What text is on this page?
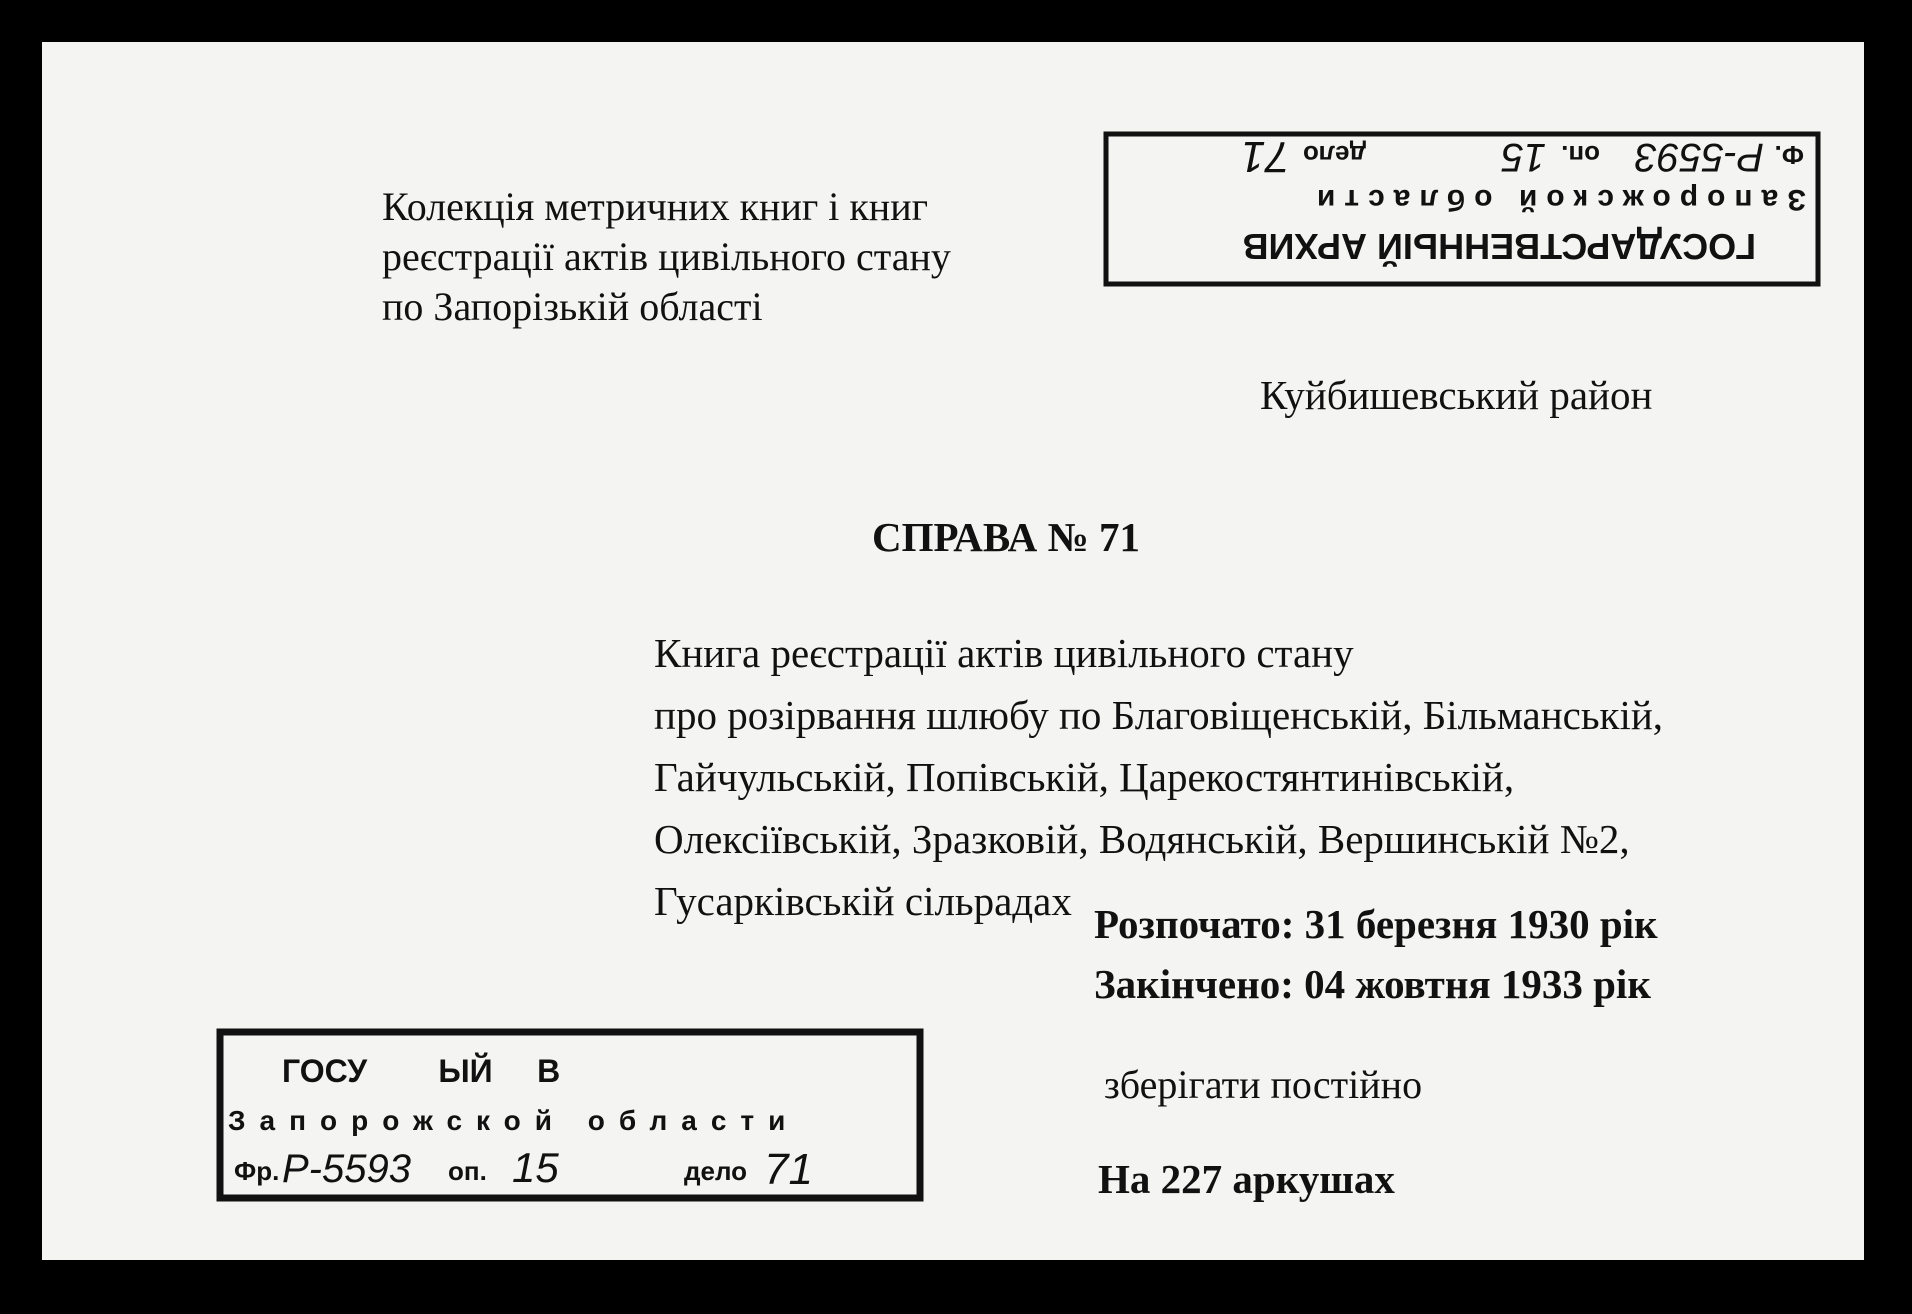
Колекція метричних книг і книг
реєстрації актів цивільного стану
по Запорізькій області
Куйбишевський район
СПРАВА № 71
Книга реєстрації актів цивільного стану
про розірвання шлюбу по Благовіщенській, Більманській,
Гайчульській, Попівській, Царекостянтинівській,
Олексіївській, Зразковій, Водянській, Вершинській №2,
Гусарківській сільрадах Розпочато: 31 березня 1930 рік
Закінчено: 04 жовтня 1933 рік
зберігати постійно
На 227 аркушах
ГОСУДАРСТВЕННЫЙ АРХИВ
Запорожской области
Ф.
Р-5593
оп.
15
дело
71
ГОСУ        ЫЙ     В
Запорожской области
Фр. Р-5593 оп. 15	дело 71
